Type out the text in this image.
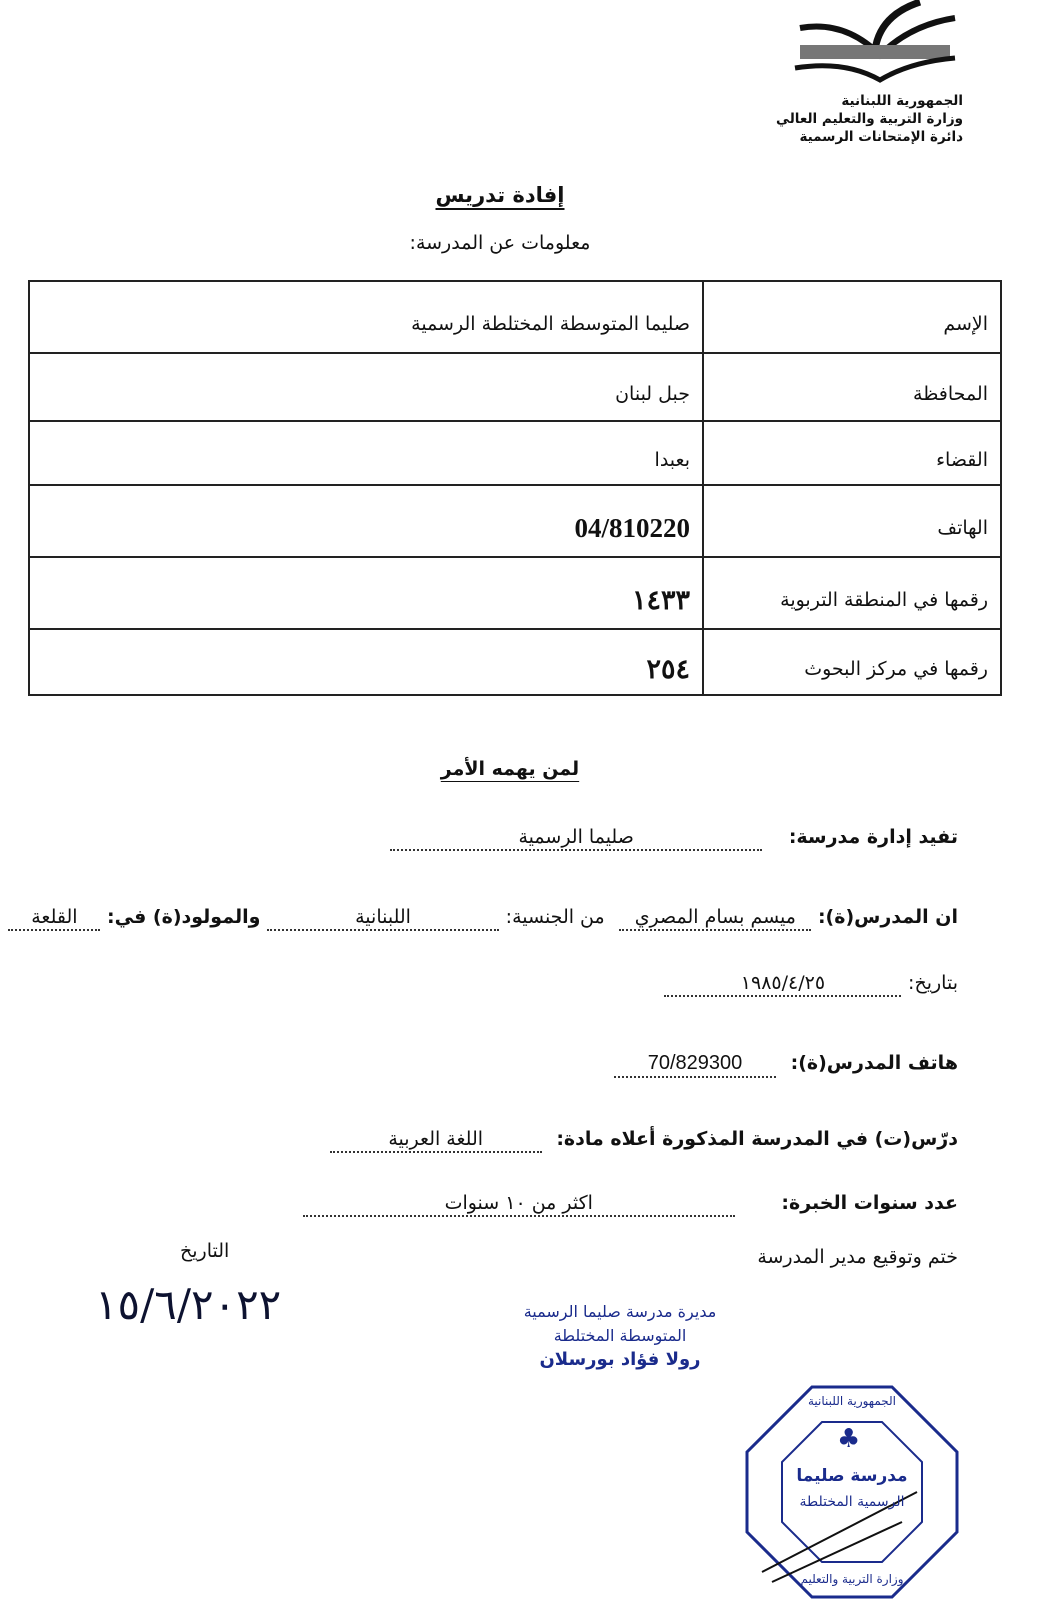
الجمهورية اللبنانية
وزارة التربية والتعليم العالي
دائرة الإمتحانات الرسمية
إفادة تدريس
معلومات عن المدرسة:
الإسم	صليما المتوسطة المختلطة الرسمية
المحافظة	جبل لبنان
القضاء	بعبدا
الهاتف	04/810220
رقمها في المنطقة التربوية	١٤٣٣
رقمها في مركز البحوث	٢٥٤
لمن يهمه الأمر
تفيد إدارة مدرسة: صليما الرسمية
ان المدرس(ة): ميسم بسام المصري من الجنسية: اللبنانية والمولود(ة) في: القلعة
بتاريخ: ١٩٨٥/٤/٢٥
هاتف المدرس(ة): 70/829300
درّس(ت) في المدرسة المذكورة أعلاه مادة: اللغة العربية
عدد سنوات الخبرة: اكثر من ١٠ سنوات
ختم وتوقيع مدير المدرسة
التاريخ
١٥/٦/٢٠٢٢	مديرة مدرسة صليما الرسمية
المتوسطة المختلطة
رولا فؤاد بورسلان
♣
الجمهورية اللبنانية
مدرسة صليما
الرسمية المختلطة
وزارة التربية والتعليم
